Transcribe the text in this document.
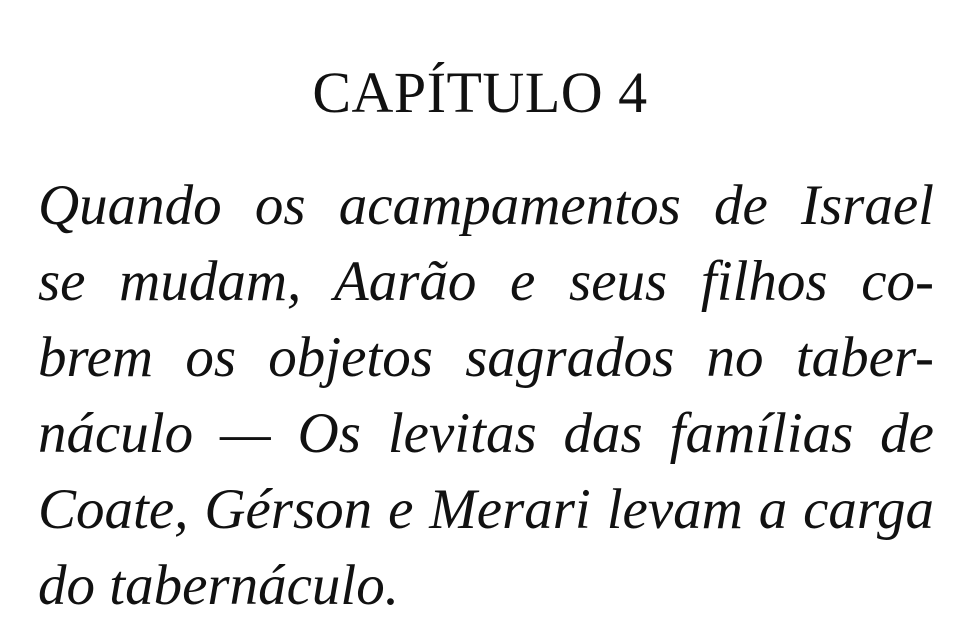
CAPÍTULO 4
Quando os acampamentos de Israel
se mudam, Aarão e seus filhos co-
brem os objetos sagrados no taber-
náculo — Os levitas das famílias de
Coate, Gérson e Merari levam a carga
do tabernáculo.
